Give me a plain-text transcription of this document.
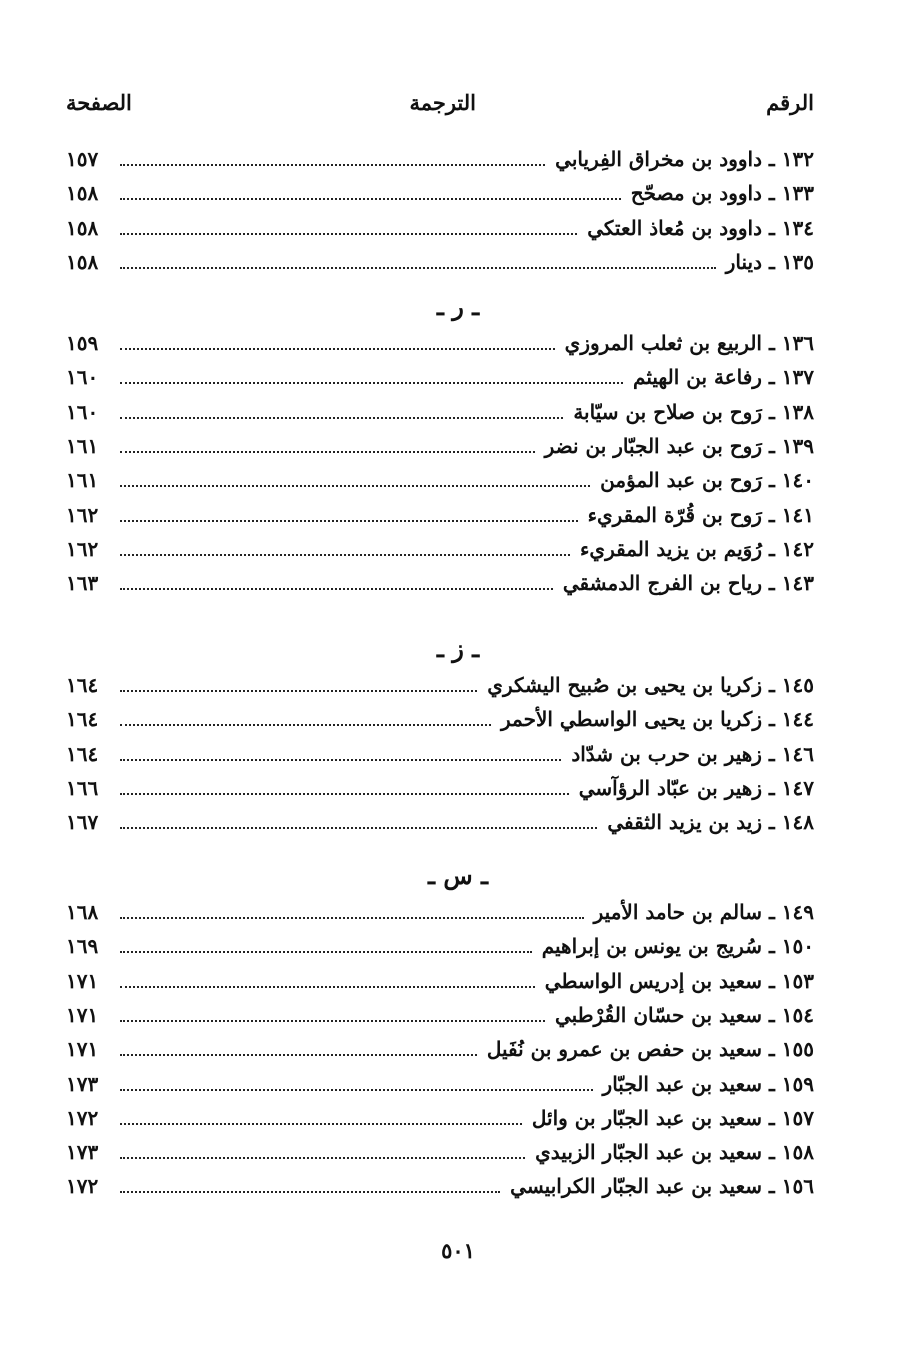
الرقم
الترجمة
الصفحة
١٣٢ ـ داوود بن مخراق الفِريابي
١٥٧
١٣٣ ـ داوود بن مصحّح
١٥٨
١٣٤ ـ داوود بن مُعاذ العتكي
١٥٨
١٣٥ ـ دينار
١٥٨
ـ ر ـ
١٣٦ ـ الربيع بن ثعلب المروزي
١٥٩
١٣٧ ـ رفاعة بن الهيثم
١٦٠
١٣٨ ـ رَوح بن صلاح بن سيّابة
١٦٠
١٣٩ ـ رَوح بن عبد الجبّار بن نضر
١٦١
١٤٠ ـ رَوح بن عبد المؤمن
١٦١
١٤١ ـ رَوح بن قُرّة المقريء
١٦٢
١٤٢ ـ رُوَيم بن يزيد المقريء
١٦٢
١٤٣ ـ رياح بن الفرج الدمشقي
١٦٣
ـ ز ـ
١٤٥ ـ زكريا بن يحيى بن صُبيح اليشكري
١٦٤
١٤٤ ـ زكريا بن يحيى الواسطي الأحمر
١٦٤
١٤٦ ـ زهير بن حرب بن شدّاد
١٦٤
١٤٧ ـ زهير بن عبّاد الرؤآسي
١٦٦
١٤٨ ـ زيد بن يزيد الثقفي
١٦٧
ـ س ـ
١٤٩ ـ سالم بن حامد الأمير
١٦٨
١٥٠ ـ سُريج بن يونس بن إبراهيم
١٦٩
١٥٣ ـ سعيد بن إدريس الواسطي
١٧١
١٥٤ ـ سعيد بن حسّان القُرْطبي
١٧١
١٥٥ ـ سعيد بن حفص بن عمرو بن نُفَيل
١٧١
١٥٩ ـ سعيد بن عبد الجبّار
١٧٣
١٥٧ ـ سعيد بن عبد الجبّار بن وائل
١٧٢
١٥٨ ـ سعيد بن عبد الجبّار الزبيدي
١٧٣
١٥٦ ـ سعيد بن عبد الجبّار الكرابيسي
١٧٢
٥٠١
